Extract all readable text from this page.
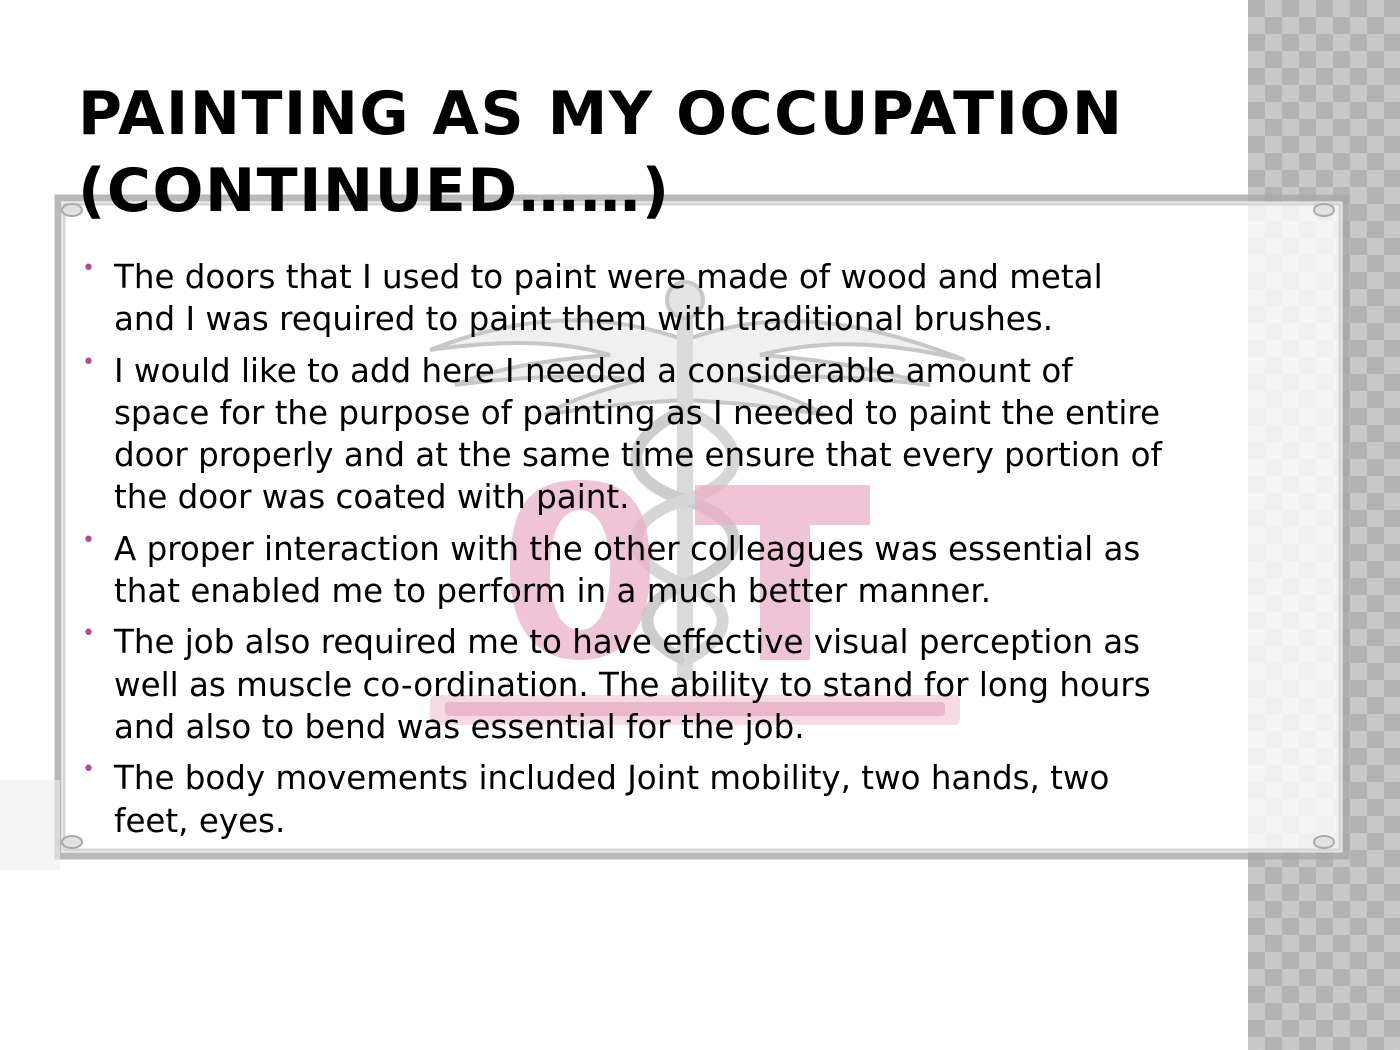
PAINTING AS MY OCCUPATION
(CONTINUED……)
• The doors that I used to paint were made of wood and metal and I was required to paint them with traditional brushes.
• I would like to add here I needed a considerable amount of space for the purpose of painting as I needed to paint the entire door properly and at the same time ensure that every portion of the door was coated with paint.
• A proper interaction with the other colleagues was essential as that enabled me to perform in a much better manner.
• The job also required me to have effective visual perception as well as muscle co-ordination. The ability to stand for long hours and also to bend was essential for the job.
• The body movements included Joint mobility, two hands, two feet, eyes.
